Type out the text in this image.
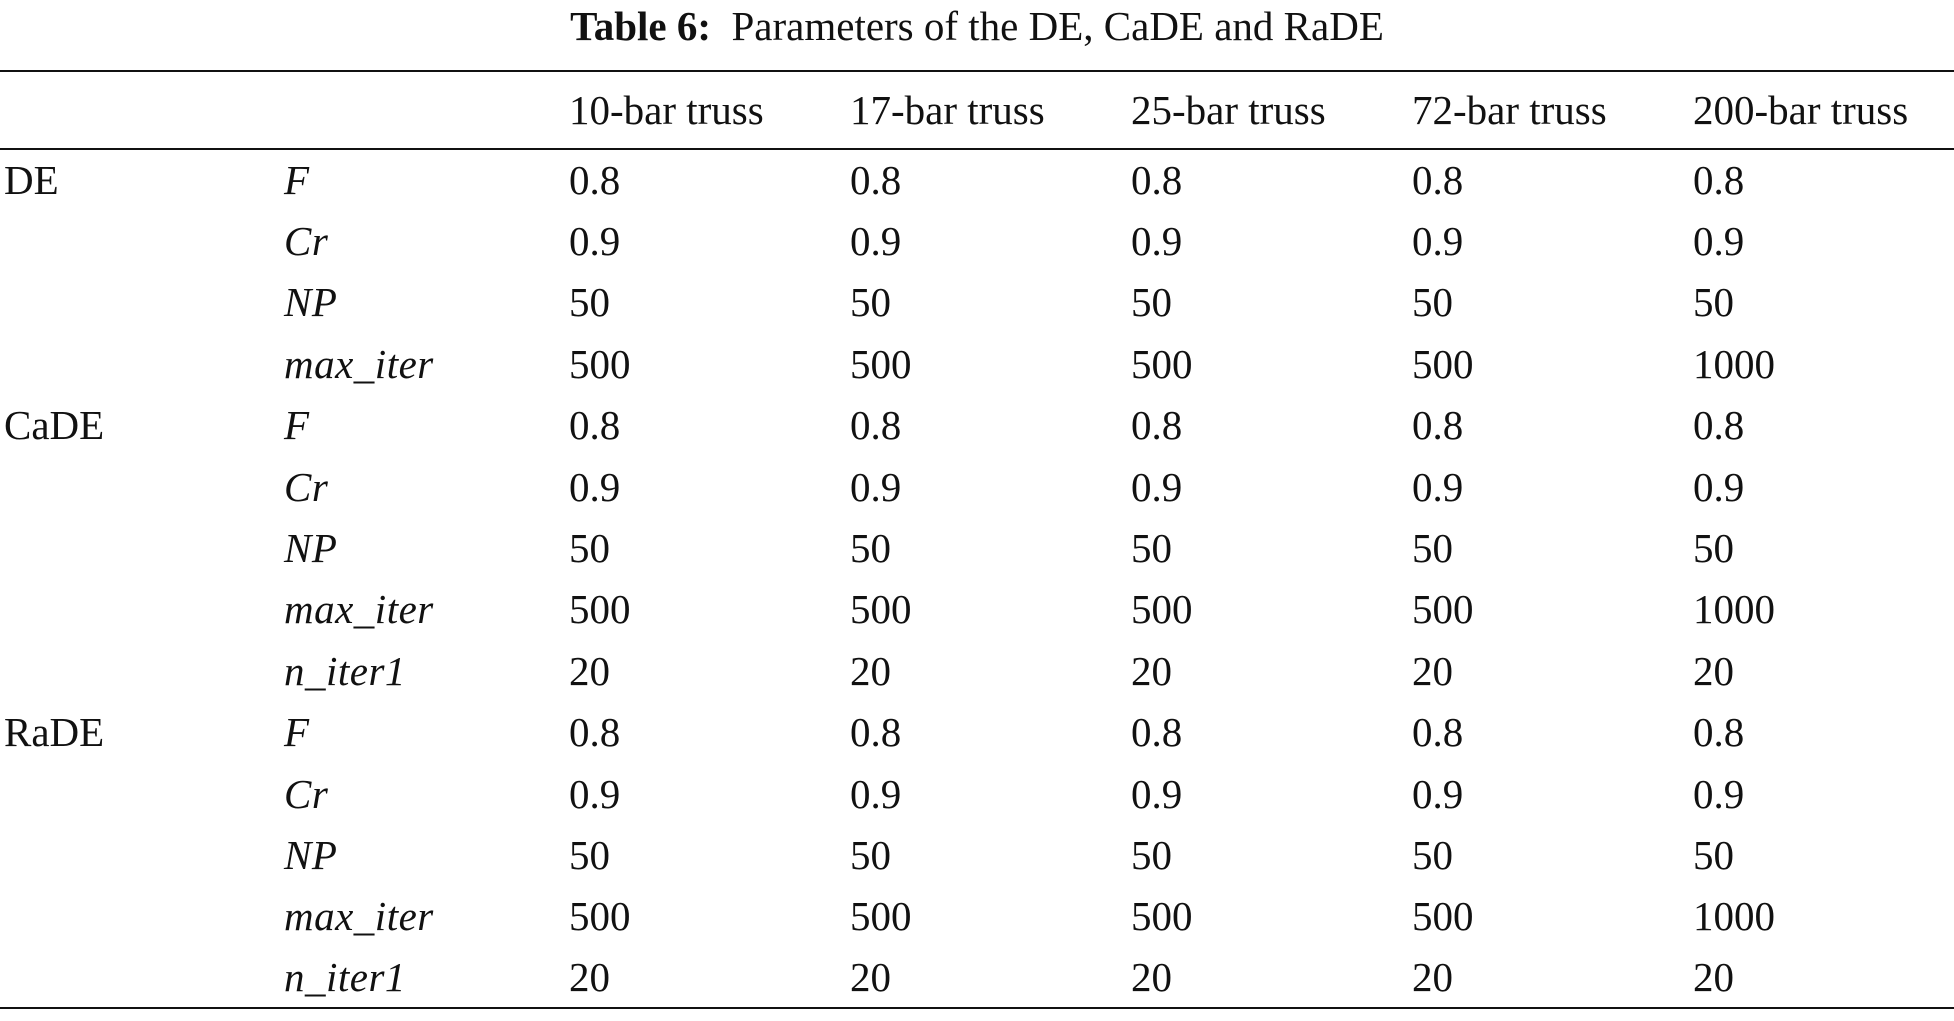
Table 6: Parameters of the DE, CaDE and RaDE
		10-bar truss	17-bar truss	25-bar truss	72-bar truss	200-bar truss
DE	F	0.8	0.8	0.8	0.8	0.8
	Cr	0.9	0.9	0.9	0.9	0.9
	NP	50	50	50	50	50
	max_iter	500	500	500	500	1000
CaDE	F	0.8	0.8	0.8	0.8	0.8
	Cr	0.9	0.9	0.9	0.9	0.9
	NP	50	50	50	50	50
	max_iter	500	500	500	500	1000
	n_iter1	20	20	20	20	20
RaDE	F	0.8	0.8	0.8	0.8	0.8
	Cr	0.9	0.9	0.9	0.9	0.9
	NP	50	50	50	50	50
	max_iter	500	500	500	500	1000
	n_iter1	20	20	20	20	20
